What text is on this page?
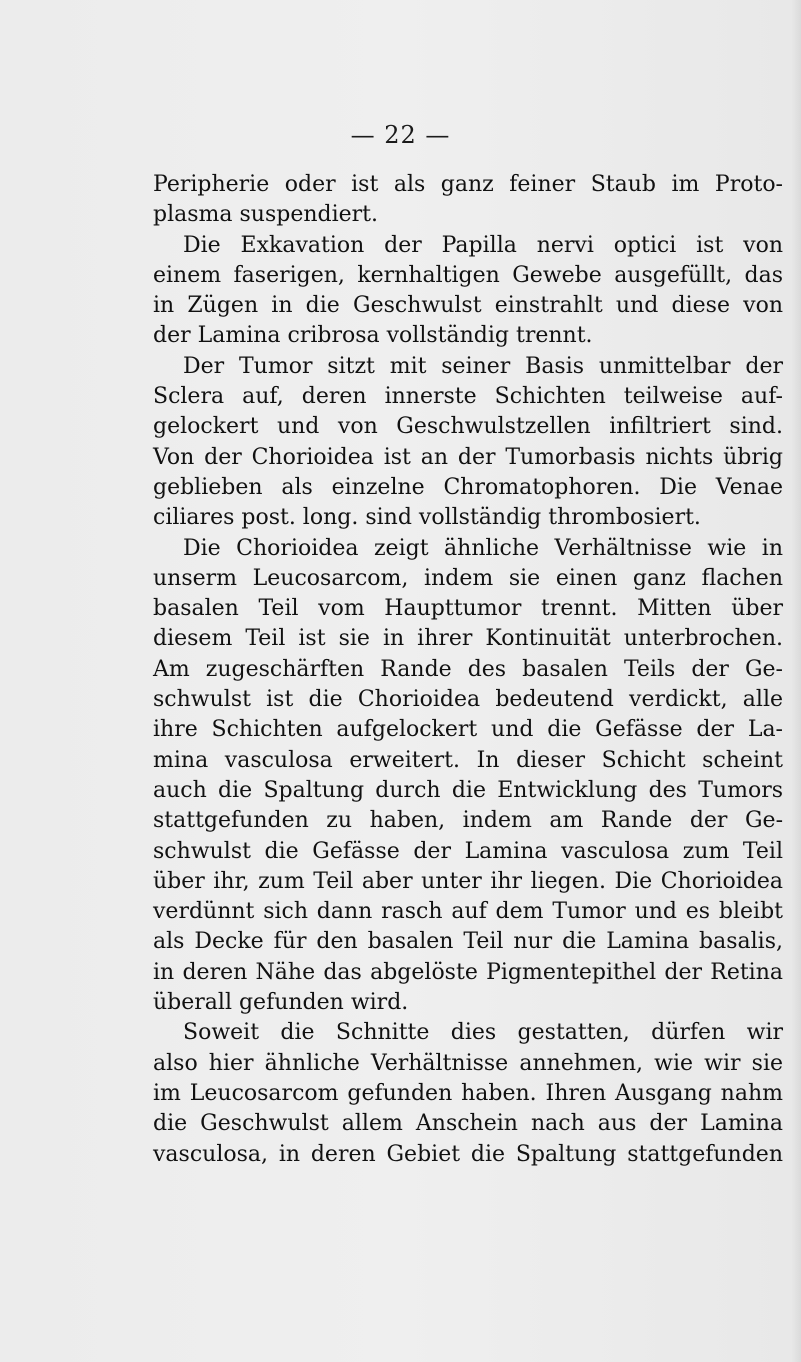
— 22 —

Peripherie oder ist als ganz feiner Staub im Proto-
plasma suspendiert.

Die Exkavation der Papilla nervi optici ist von
einem faserigen, kernhaltigen Gewebe ausgefüllt, das
in Zügen in die Geschwulst einstrahlt und diese von
der Lamina cribrosa vollständig trennt.

Der Tumor sitzt mit seiner Basis unmittelbar der
Sclera auf, deren innerste Schichten teilweise auf-
gelockert und von Geschwulstzellen infiltriert sind.
Von der Chorioidea ist an der Tumorbasis nichts übrig
geblieben als einzelne Chromatophoren. Die Venae
ciliares post. long. sind vollständig thrombosiert.

Die Chorioidea zeigt ähnliche Verhältnisse wie in
unserm Leucosarcom, indem sie einen ganz flachen
basalen Teil vom Haupttumor trennt. Mitten über
diesem Teil ist sie in ihrer Kontinuität unterbrochen.
Am zugeschärften Rande des basalen Teils der Ge-
schwulst ist die Chorioidea bedeutend verdickt, alle
ihre Schichten aufgelockert und die Gefässe der La-
mina vasculosa erweitert. In dieser Schicht scheint
auch die Spaltung durch die Entwicklung des Tumors
stattgefunden zu haben, indem am Rande der Ge-
schwulst die Gefässe der Lamina vasculosa zum Teil
über ihr, zum Teil aber unter ihr liegen. Die Chorioidea
verdünnt sich dann rasch auf dem Tumor und es bleibt
als Decke für den basalen Teil nur die Lamina basalis,
in deren Nähe das abgelöste Pigmentepithel der Retina
überall gefunden wird.

Soweit die Schnitte dies gestatten, dürfen wir
also hier ähnliche Verhältnisse annehmen, wie wir sie
im Leucosarcom gefunden haben. Ihren Ausgang nahm
die Geschwulst allem Anschein nach aus der Lamina
vasculosa, in deren Gebiet die Spaltung stattgefunden
